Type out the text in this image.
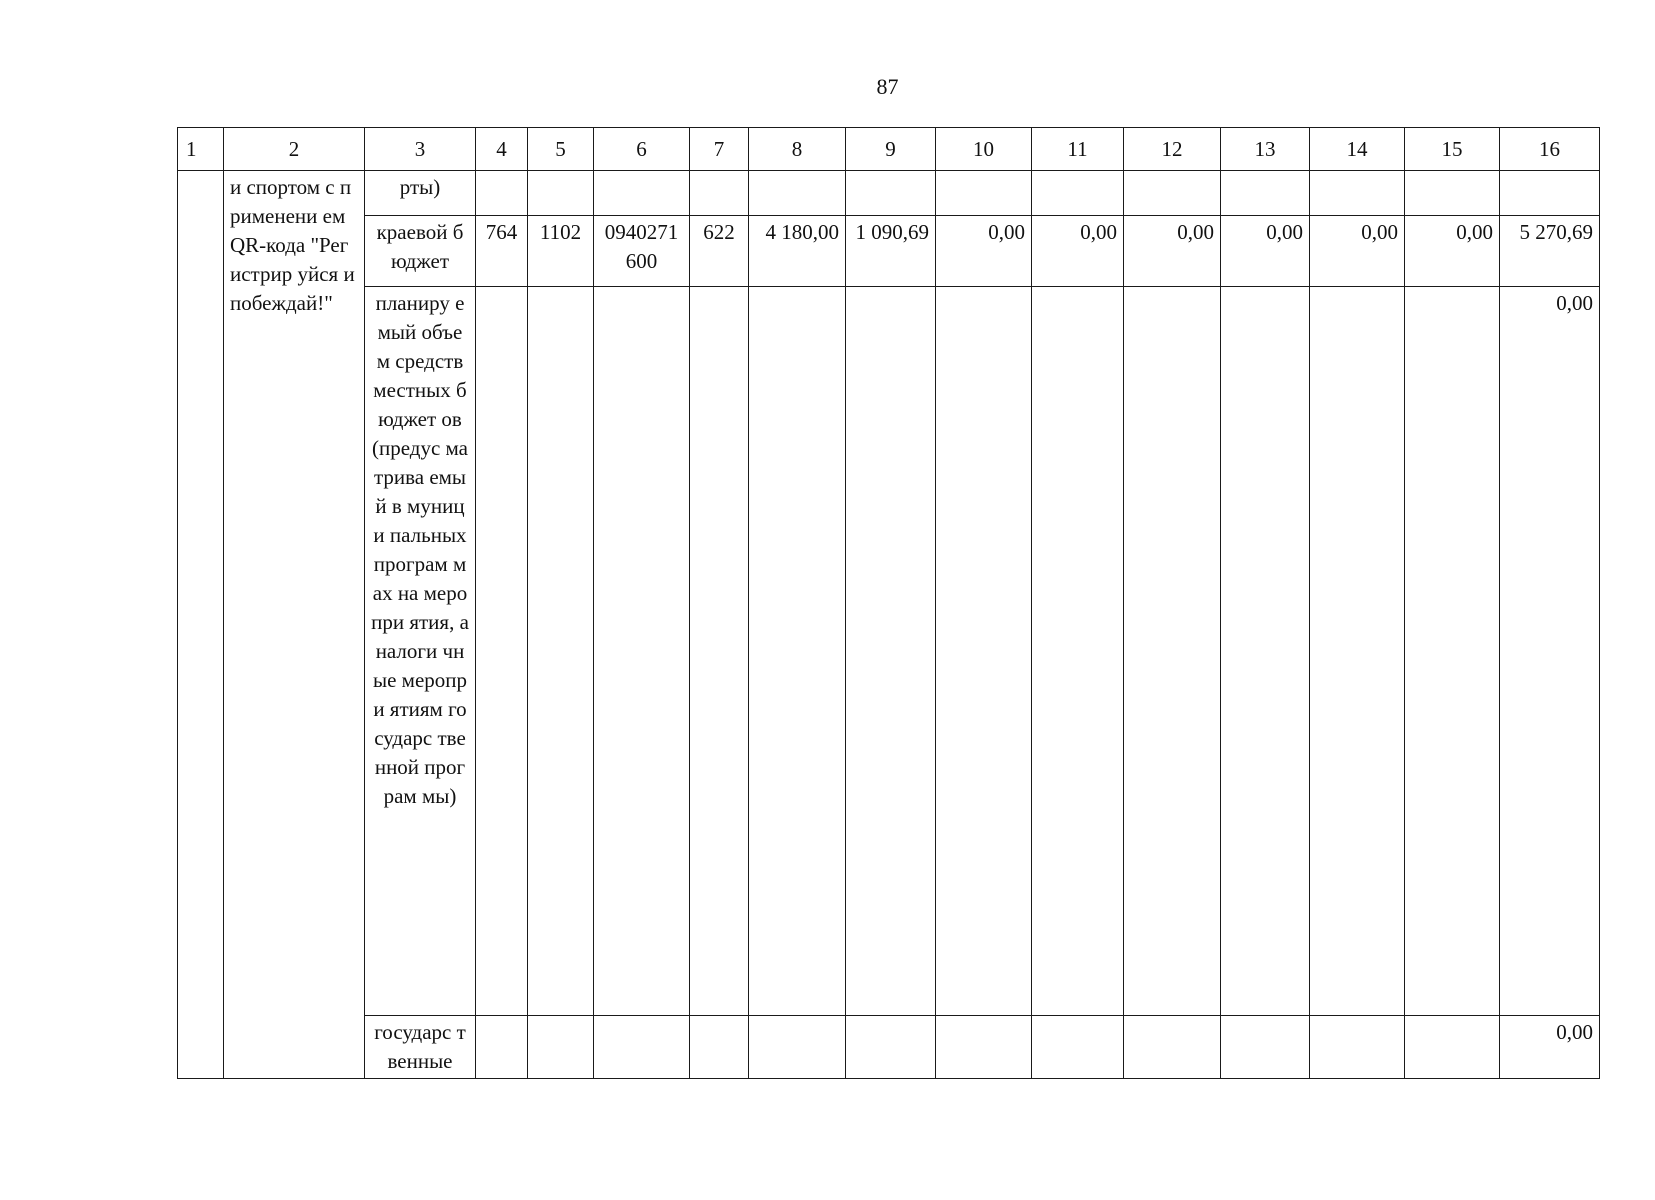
87
1	2	3	4	5	6	7	8	9	10	11	12	13	14	15	16
	и спортом с применени ем QR-кода "Регистрир уйся и побеждай!"	рты)													
		краевой бюджет	764	1102	0940271600	622	4 180,00	1 090,69	0,00	0,00	0,00	0,00	0,00	0,00	5 270,69
		планиру емый объем средств местных бюджет ов (предус матрива емый в муници пальных програм мах на меропри ятия, аналоги чные меропри ятиям государс твенной програм мы)													0,00
		государс твенные													0,00
